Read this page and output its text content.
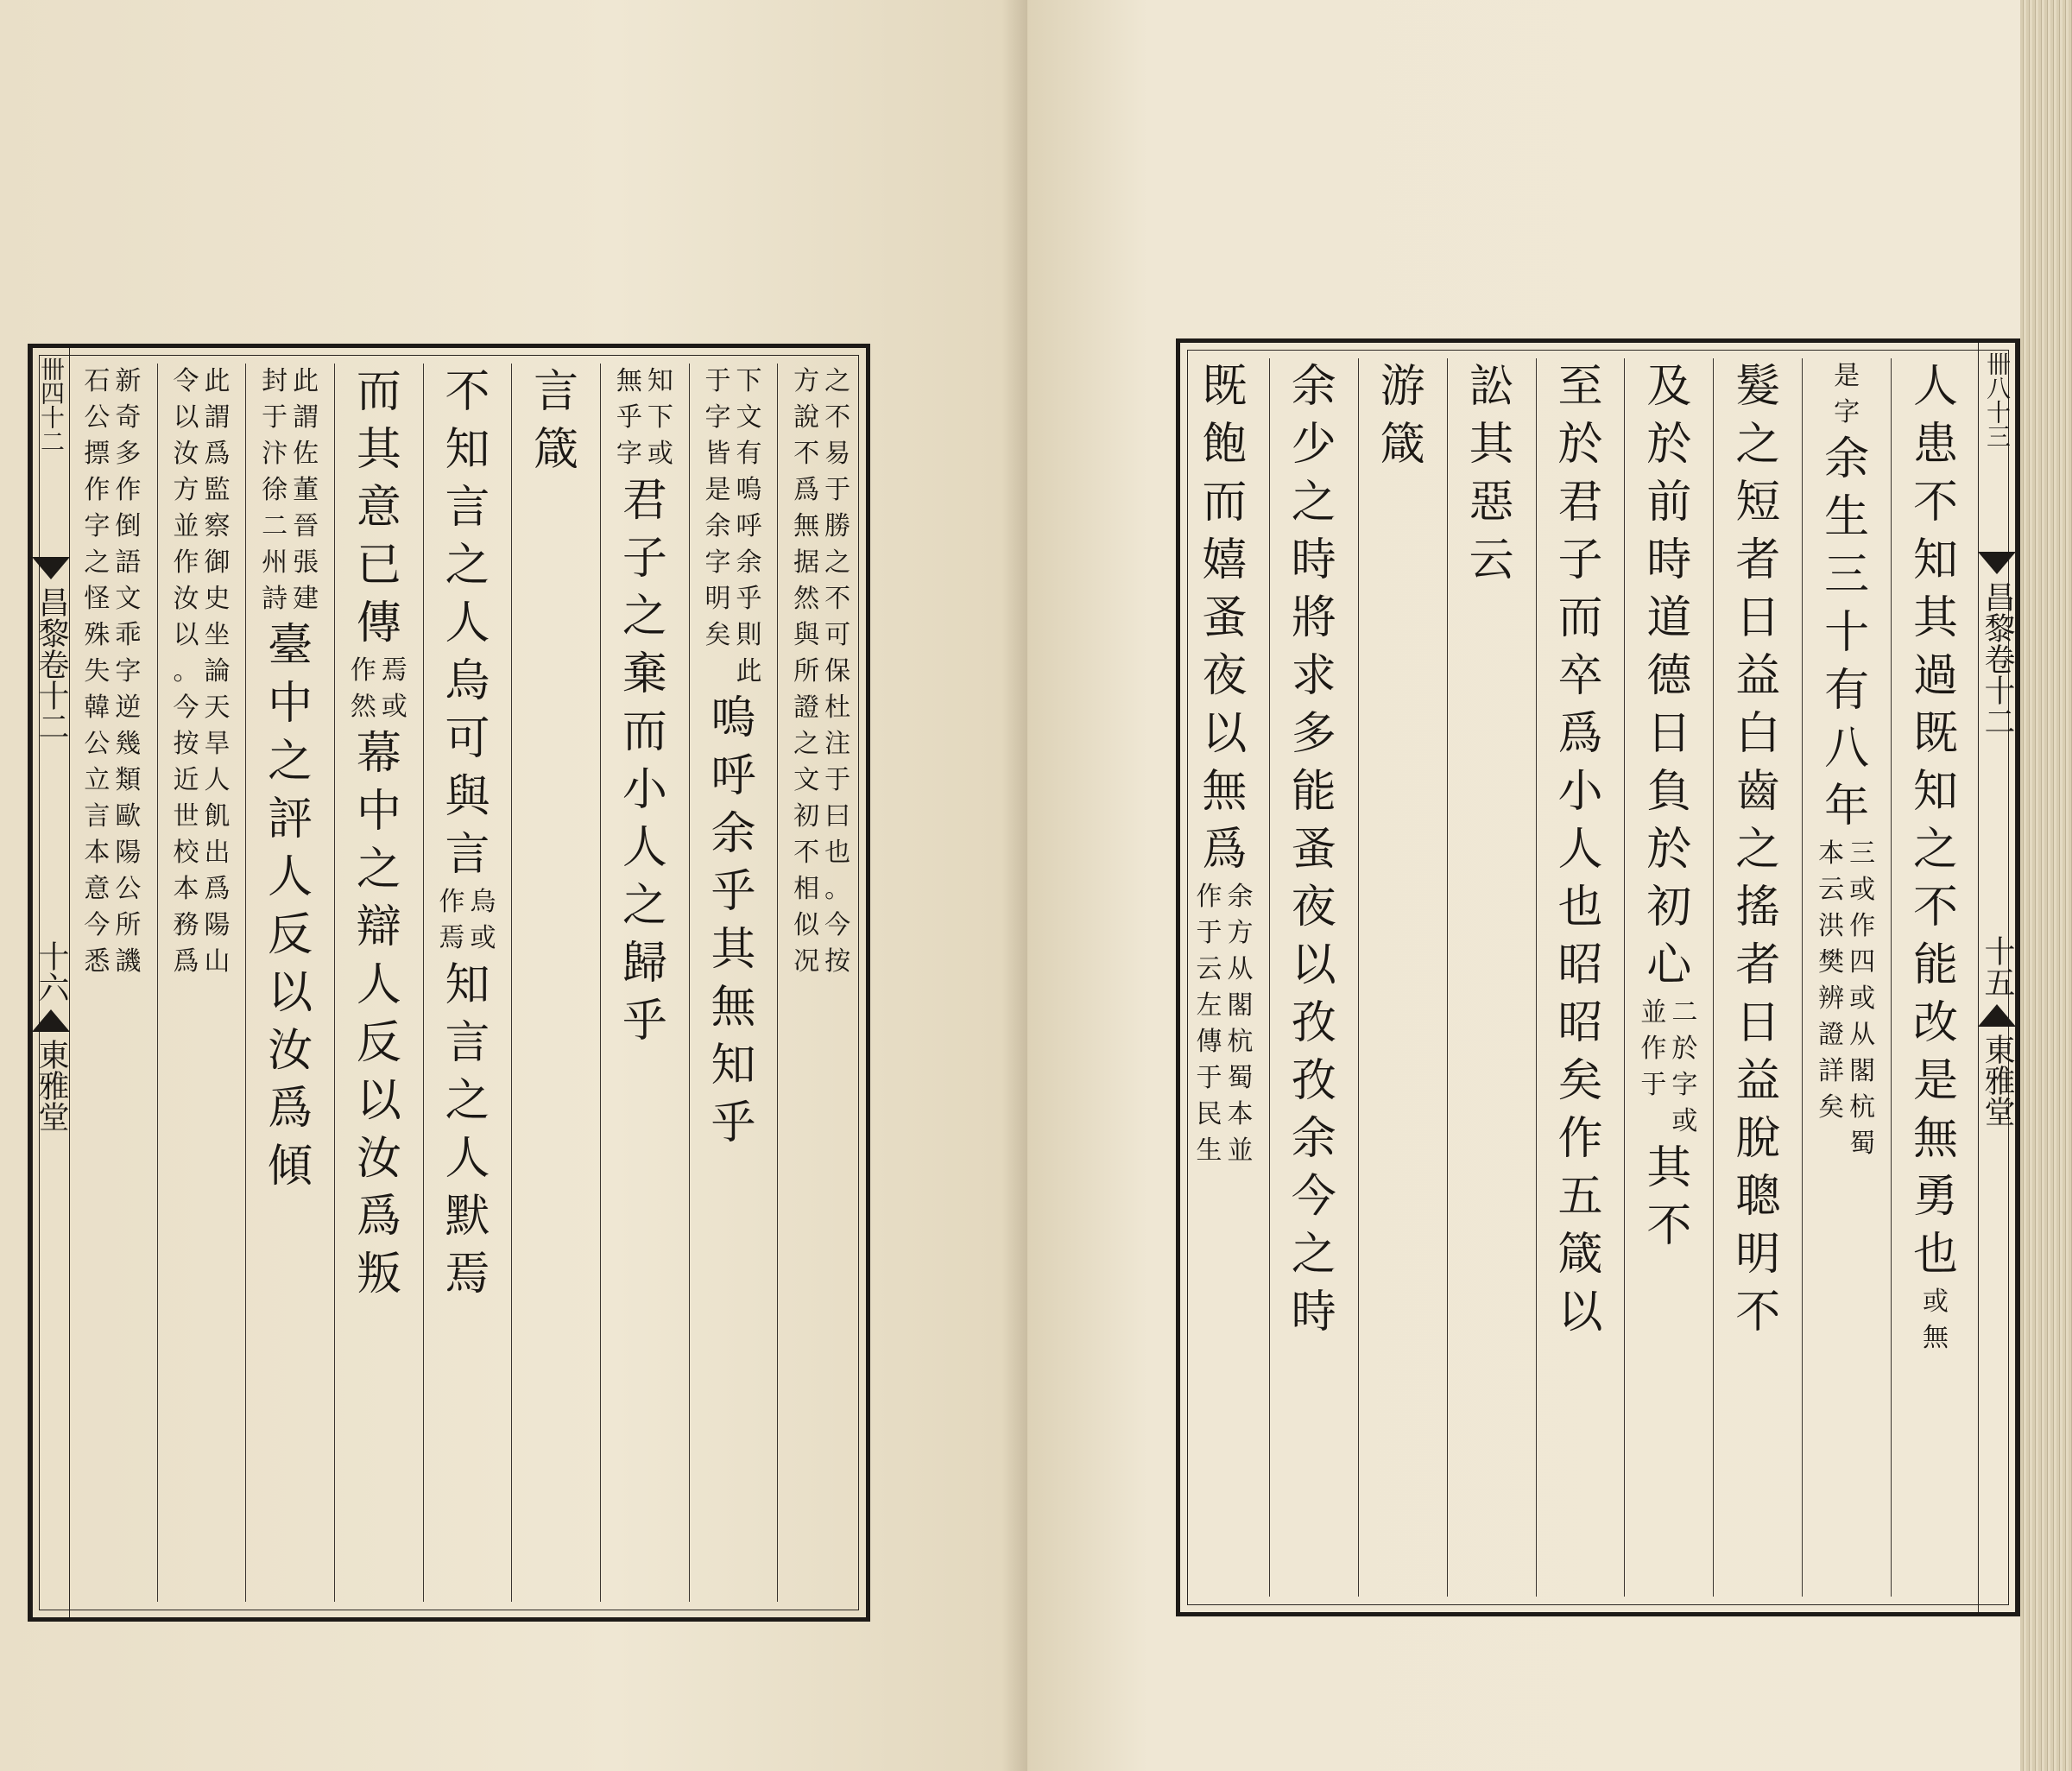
卌四十二
昌黎卷十二
十六
東雅堂
之
不
易
于
勝
之
不
可
保
杜
注
于
曰
也
。
今
按
方
說
不
爲
無
据
然
與
所
證
之
文
初
不
相
似
况
下
文
有
嗚
呼
余
乎
則
此
于
字
皆
是
余
字
明
矣
嗚
呼
余
乎
其
無
知
乎
知
下
或
無
乎
字
君
子
之
棄
而
小
人
之
歸
乎
言
箴
不
知
言
之
人
烏
可
與
言
烏
或
作
焉
知
言
之
人
默
焉
而
其
意
已
傳
焉
或
作
然
幕
中
之
辯
人
反
以
汝
爲
叛
此
謂
佐
董
晉
張
建
封
于
汴
徐
二
州
詩
臺
中
之
評
人
反
以
汝
爲
傾
此
謂
爲
監
察
御
史
坐
論
天
旱
人
飢
出
爲
陽
山
令
以
汝
方
並
作
汝
以
。
今
按
近
世
校
本
務
爲
新
奇
多
作
倒
語
文
乖
字
逆
幾
類
歐
陽
公
所
譏
石
公
摽
作
字
之
怪
殊
失
韓
公
立
言
本
意
今
悉
人
患
不
知
其
過
既
知
之
不
能
改
是
無
勇
也
或
無
是
字
余
生
三
十
有
八
年
三
或
作
四
或
从
閣
杭
蜀
本
云
洪
樊
辨
證
詳
矣
髮
之
短
者
日
益
白
齒
之
搖
者
日
益
脫
聰
明
不
及
於
前
時
道
德
日
負
於
初
心
二
於
字
或
並
作
于
其
不
至
於
君
子
而
卒
爲
小
人
也
昭
昭
矣
作
五
箴
以
訟
其
惡
云
游
箴
余
少
之
時
將
求
多
能
蚤
夜
以
孜
孜
余
今
之
時
既
飽
而
嬉
蚤
夜
以
無
爲
余
方
从
閣
杭
蜀
本
並
作
于
云
左
傳
于
民
生
卌八十三
昌黎卷十二
十五
東雅堂
